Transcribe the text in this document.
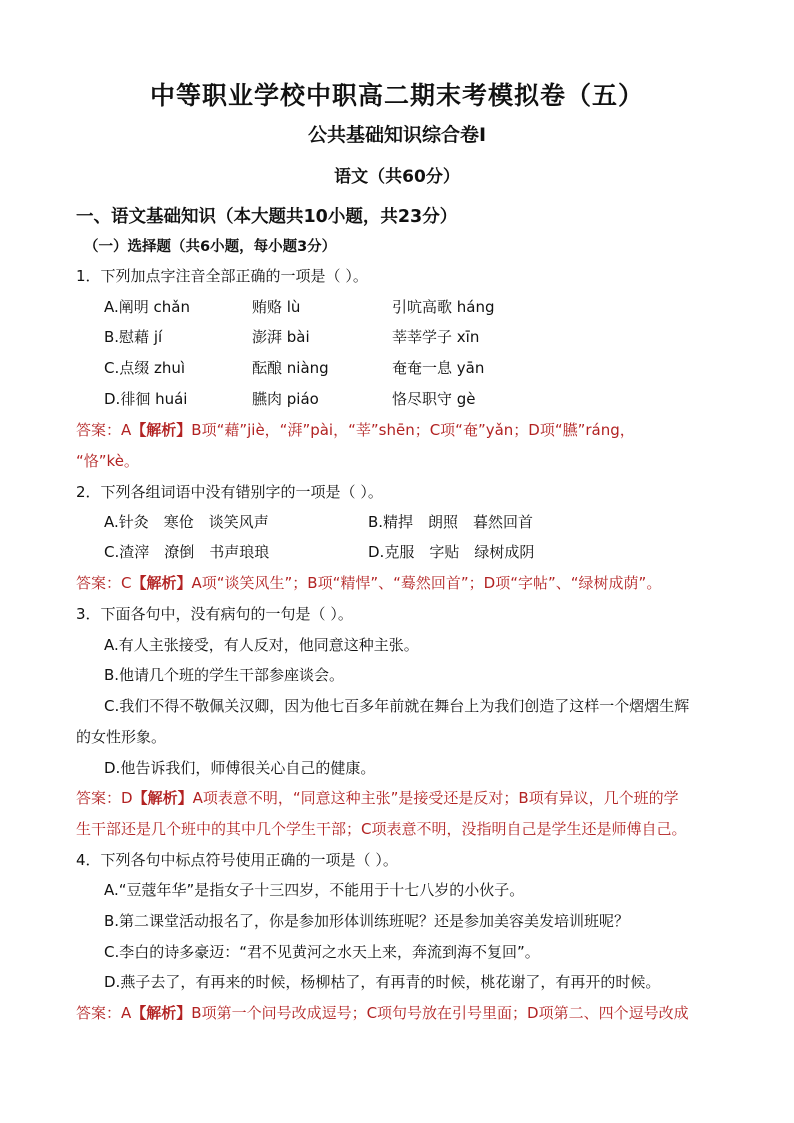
中等职业学校中职高二期末考模拟卷（五）
公共基础知识综合卷Ⅰ
语文（共60分）
一、语文基础知识（本大题共10小题，共23分）
（一）选择题（共6小题，每小题3分）
1．下列加点字注音全部正确的一项是（ ）。
A.阐明 chǎn	贿赂 lù	引吭高歌 háng
B.慰藉 jí	澎湃 bài	莘莘学子 xīn
C.点缀 zhuì	酝酿 niàng	奄奄一息 yān
D.徘徊 huái	臙肉 piáo	恪尽职守 gè
答案：A【解析】B项“藉”jiè，“湃”pài，“莘”shēn；C项“奄”yǎn；D项“臙”ráng，
“恪”kè。
2．下列各组词语中没有错别字的一项是（ ）。
A.针灸　寒伧　谈笑风声	B.精捍　朗照　暮然回首
C.渣滓　潦倒　书声琅琅	D.克服　字贴　绿树成阴
答案：C【解析】A项“谈笑风生”；B项“精悍”、“蓦然回首”；D项“字帖”、“绿树成荫”。
3．下面各句中，没有病句的一句是（ ）。
A.有人主张接受，有人反对，他同意这种主张。
B.他请几个班的学生干部参座谈会。
C.我们不得不敬佩关汉卿，因为他七百多年前就在舞台上为我们创造了这样一个熠熠生辉
的女性形象。
D.他告诉我们，师傅很关心自己的健康。
答案：D【解析】A项表意不明，“同意这种主张”是接受还是反对；B项有异议，几个班的学
生干部还是几个班中的其中几个学生干部；C项表意不明，没指明自己是学生还是师傅自己。
4．下列各句中标点符号使用正确的一项是（ ）。
A.“豆蔻年华”是指女子十三四岁，不能用于十七八岁的小伙子。
B.第二课堂活动报名了，你是参加形体训练班呢？还是参加美容美发培训班呢？
C.李白的诗多豪迈：“君不见黄河之水天上来，奔流到海不复回”。
D.燕子去了，有再来的时候，杨柳枯了，有再青的时候，桃花谢了，有再开的时候。
答案：A【解析】B项第一个问号改成逗号；C项句号放在引号里面；D项第二、四个逗号改成
